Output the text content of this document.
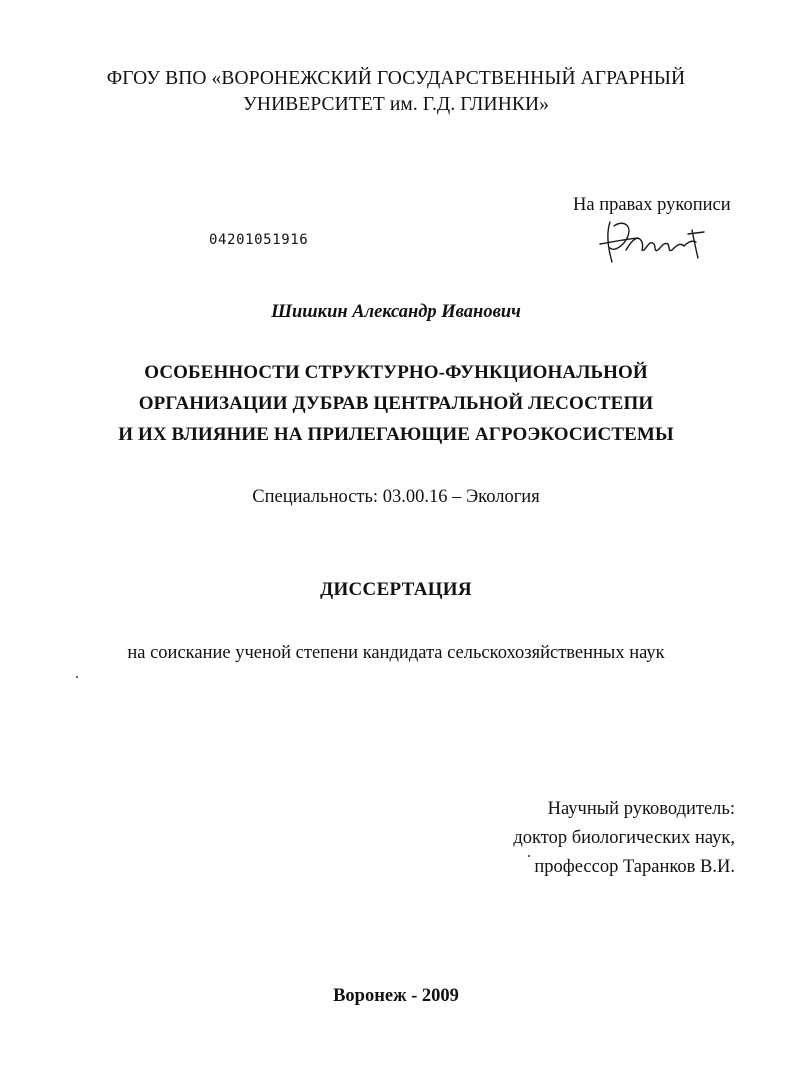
ФГОУ ВПО «ВОРОНЕЖСКИЙ ГОСУДАРСТВЕННЫЙ АГРАРНЫЙ
УНИВЕРСИТЕТ им. Г.Д. ГЛИНКИ»
На правах рукописи
04201051916
Шишкин Александр Иванович
ОСОБЕННОСТИ СТРУКТУРНО-ФУНКЦИОНАЛЬНОЙ
ОРГАНИЗАЦИИ ДУБРАВ ЦЕНТРАЛЬНОЙ ЛЕСОСТЕПИ
И ИХ ВЛИЯНИЕ НА ПРИЛЕГАЮЩИЕ АГРОЭКОСИСТЕМЫ
Специальность: 03.00.16 – Экология
ДИССЕРТАЦИЯ
на соискание ученой степени кандидата сельскохозяйственных наук
Научный руководитель:
доктор биологических наук,
профессор Таранков В.И.
Воронеж - 2009
